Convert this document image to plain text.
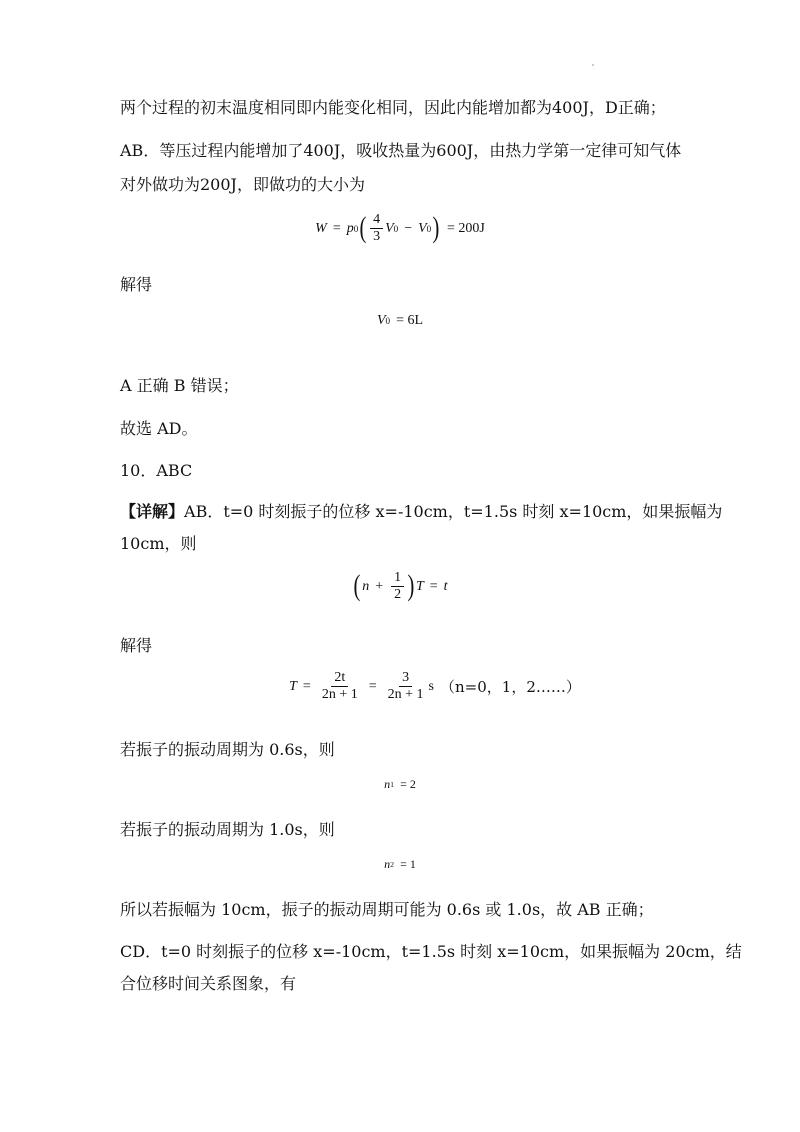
两个过程的初末温度相同即内能变化相同，因此内能增加都为400J，D正确；
AB．等压过程内能增加了400J，吸收热量为600J，由热力学第一定律可知气体
对外做功为200J，即做功的大小为
W = p 0 ( $\frac{4}{3}$ V 0 − V 0 ) = 200J
解得
V 0 = 6L
A 正确 B 错误；
故选 AD。
10．ABC
【详解】AB．t=0 时刻振子的位移 x=-10cm，t=1.5s 时刻 x=10cm，如果振幅为
10cm，则
( $n + \frac{1}{2}$ ) T = t
解得
$T = \frac{2t}{2n + 1} = \frac{3}{2n + 1}$ s （n=0，1，2……）
若振子的振动周期为 0.6s，则
n 1 = 2
若振子的振动周期为 1.0s，则
n 2 = 1
所以若振幅为 10cm，振子的振动周期可能为 0.6s 或 1.0s，故 AB 正确；
CD．t=0 时刻振子的位移 x=-10cm，t=1.5s 时刻 x=10cm，如果振幅为 20cm，结
合位移时间关系图象，有
